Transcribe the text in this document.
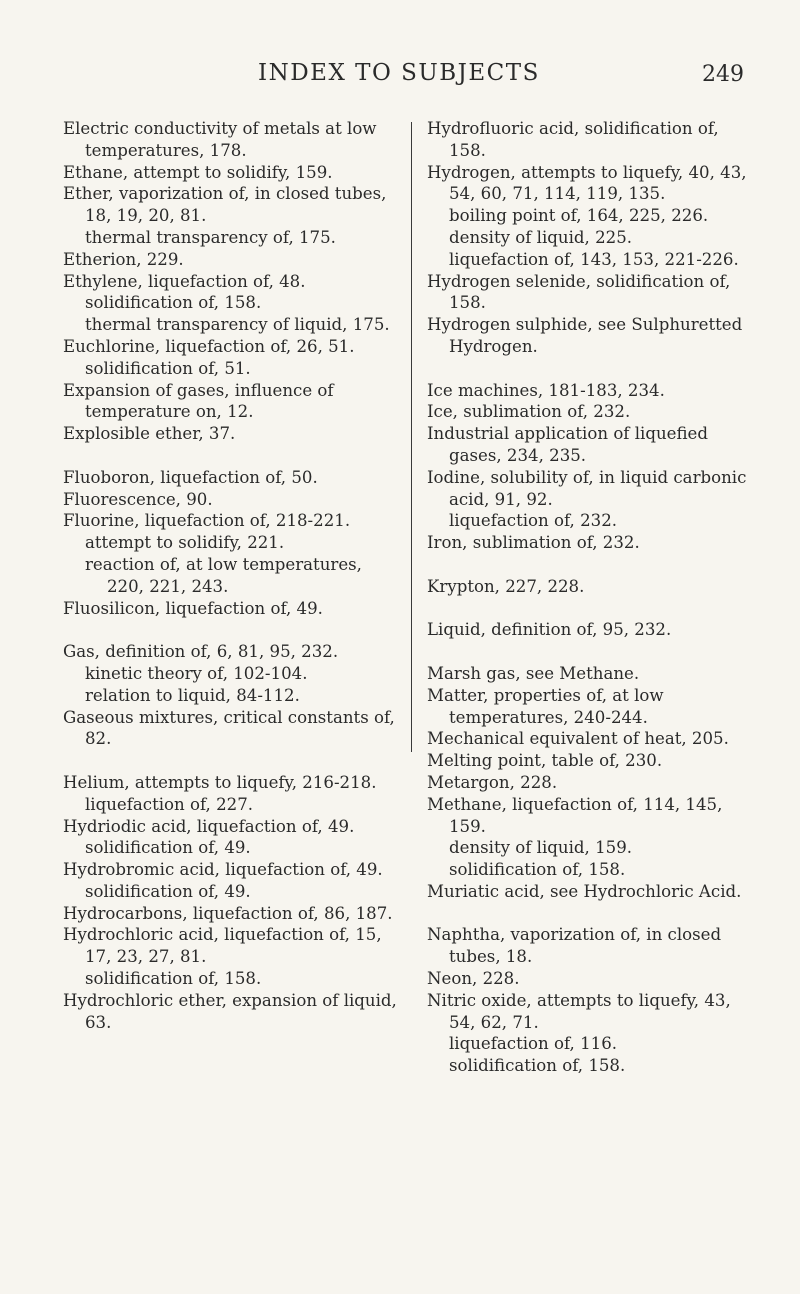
INDEX TO SUBJECTS	249
Electric conductivity of metals at low temperatures, 178.
Ethane, attempt to solidify, 159.
Ether, vaporization of, in closed tubes, 18, 19, 20, 81.
thermal transparency of, 175.
Etherion, 229.
Ethylene, liquefaction of, 48.
solidification of, 158.
thermal transparency of liquid, 175.
Euchlorine, liquefaction of, 26, 51.
solidification of, 51.
Expansion of gases, influence of temperature on, 12.
Explosible ether, 37.
Fluoboron, liquefaction of, 50.
Fluorescence, 90.
Fluorine, liquefaction of, 218-221.
attempt to solidify, 221.
reaction of, at low temperatures, 220, 221, 243.
Fluosilicon, liquefaction of, 49.
Gas, definition of, 6, 81, 95, 232.
kinetic theory of, 102-104.
relation to liquid, 84-112.
Gaseous mixtures, critical constants of, 82.
Helium, attempts to liquefy, 216-218.
liquefaction of, 227.
Hydriodic acid, liquefaction of, 49.
solidification of, 49.
Hydrobromic acid, liquefaction of, 49.
solidification of, 49.
Hydrocarbons, liquefaction of, 86, 187.
Hydrochloric acid, liquefaction of, 15, 17, 23, 27, 81.
solidification of, 158.
Hydrochloric ether, expansion of liquid, 63.
Hydrofluoric acid, solidification of, 158.
Hydrogen, attempts to liquefy, 40, 43, 54, 60, 71, 114, 119, 135.
boiling point of, 164, 225, 226.
density of liquid, 225.
liquefaction of, 143, 153, 221-226.
Hydrogen selenide, solidification of, 158.
Hydrogen sulphide, see Sulphuretted Hydrogen.
Ice machines, 181-183, 234.
Ice, sublimation of, 232.
Industrial application of liquefied gases, 234, 235.
Iodine, solubility of, in liquid carbonic acid, 91, 92.
liquefaction of, 232.
Iron, sublimation of, 232.
Krypton, 227, 228.
Liquid, definition of, 95, 232.
Marsh gas, see Methane.
Matter, properties of, at low temperatures, 240-244.
Mechanical equivalent of heat, 205.
Melting point, table of, 230.
Metargon, 228.
Methane, liquefaction of, 114, 145, 159.
density of liquid, 159.
solidification of, 158.
Muriatic acid, see Hydrochloric Acid.
Naphtha, vaporization of, in closed tubes, 18.
Neon, 228.
Nitric oxide, attempts to liquefy, 43, 54, 62, 71.
liquefaction of, 116.
solidification of, 158.
